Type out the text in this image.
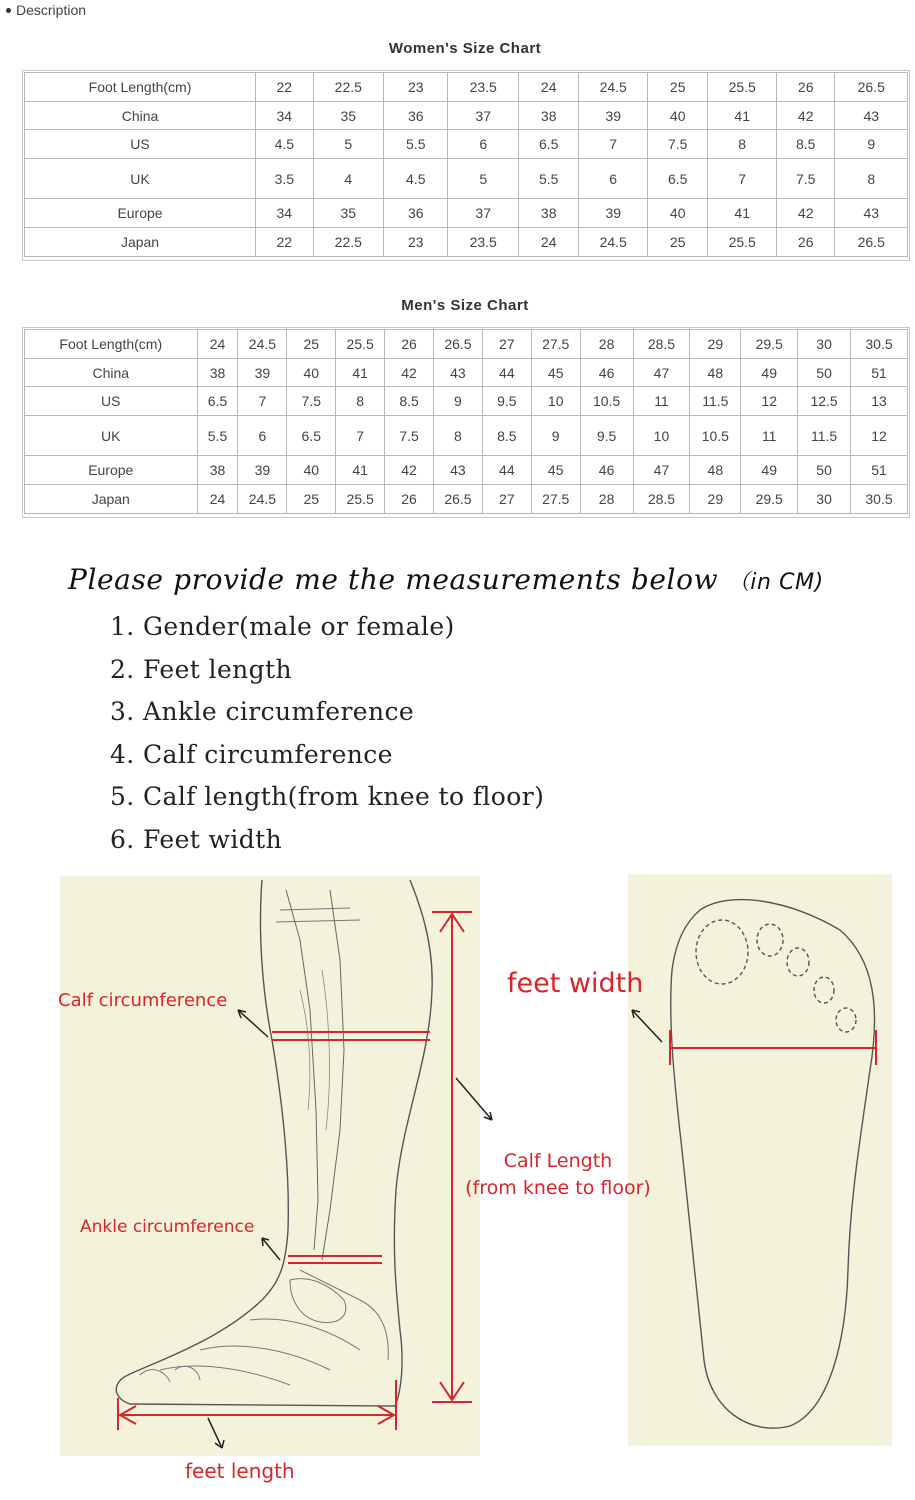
Description
Women's Size Chart
Foot Length(cm)	22	22.5	23	23.5	24	24.5	25	25.5	26	26.5
China	34	35	36	37	38	39	40	41	42	43
US	4.5	5	5.5	6	6.5	7	7.5	8	8.5	9
UK	3.5	4	4.5	5	5.5	6	6.5	7	7.5	8
Europe	34	35	36	37	38	39	40	41	42	43
Japan	22	22.5	23	23.5	24	24.5	25	25.5	26	26.5
Men's Size Chart
Foot Length(cm)	24	24.5	25	25.5	26	26.5	27	27.5	28	28.5	29	29.5	30	30.5
China	38	39	40	41	42	43	44	45	46	47	48	49	50	51
US	6.5	7	7.5	8	8.5	9	9.5	10	10.5	11	11.5	12	12.5	13
UK	5.5	6	6.5	7	7.5	8	8.5	9	9.5	10	10.5	11	11.5	12
Europe	38	39	40	41	42	43	44	45	46	47	48	49	50	51
Japan	24	24.5	25	25.5	26	26.5	27	27.5	28	28.5	29	29.5	30	30.5
Please provide me the measurements below （in CM)
1. Gender(male or female)
2. Feet length
3. Ankle circumference
4. Calf circumference
5. Calf length(from knee to floor)
6. Feet width
Calf circumference
Ankle circumference
feet length
Calf Length
(from knee to floor)
feet width
